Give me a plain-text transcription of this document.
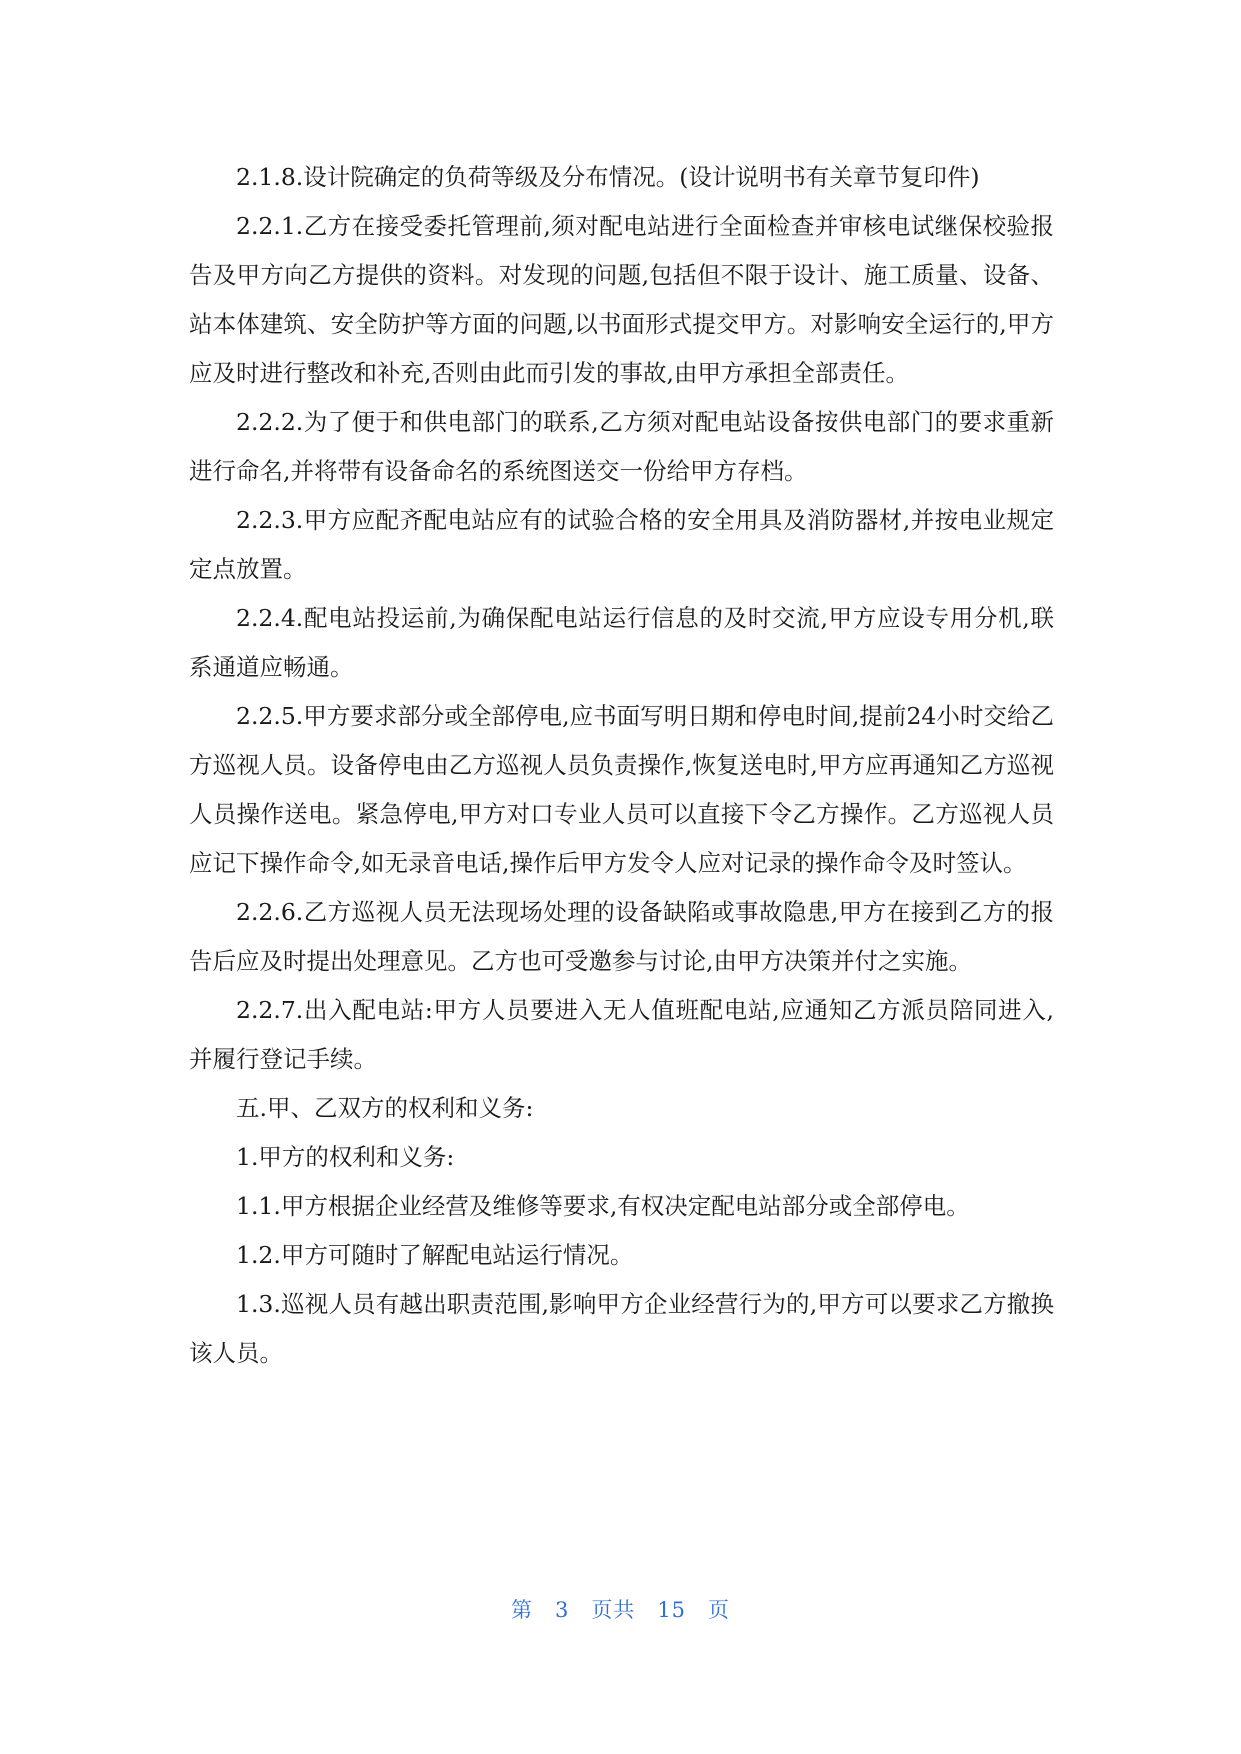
2.1.8.设计院确定的负荷等级及分布情况。(设计说明书有关章节复印件)

2.2.1.乙方在接受委托管理前,须对配电站进行全面检查并审核电试继保校验报告及甲方向乙方提供的资料。对发现的问题,包括但不限于设计、施工质量、设备、站本体建筑、安全防护等方面的问题,以书面形式提交甲方。对影响安全运行的,甲方应及时进行整改和补充,否则由此而引发的事故,由甲方承担全部责任。

2.2.2.为了便于和供电部门的联系,乙方须对配电站设备按供电部门的要求重新进行命名,并将带有设备命名的系统图送交一份给甲方存档。

2.2.3.甲方应配齐配电站应有的试验合格的安全用具及消防器材,并按电业规定定点放置。

2.2.4.配电站投运前,为确保配电站运行信息的及时交流,甲方应设专用分机,联系通道应畅通。

2.2.5.甲方要求部分或全部停电,应书面写明日期和停电时间,提前24小时交给乙方巡视人员。设备停电由乙方巡视人员负责操作,恢复送电时,甲方应再通知乙方巡视人员操作送电。紧急停电,甲方对口专业人员可以直接下令乙方操作。乙方巡视人员应记下操作命令,如无录音电话,操作后甲方发令人应对记录的操作命令及时签认。

2.2.6.乙方巡视人员无法现场处理的设备缺陷或事故隐患,甲方在接到乙方的报告后应及时提出处理意见。乙方也可受邀参与讨论,由甲方决策并付之实施。

2.2.7.出入配电站:甲方人员要进入无人值班配电站,应通知乙方派员陪同进入,并履行登记手续。

五.甲、乙双方的权利和义务:

1.甲方的权利和义务:

1.1.甲方根据企业经营及维修等要求,有权决定配电站部分或全部停电。

1.2.甲方可随时了解配电站运行情况。

1.3.巡视人员有越出职责范围,影响甲方企业经营行为的,甲方可以要求乙方撤换该人员。

第 3 页共 15 页
